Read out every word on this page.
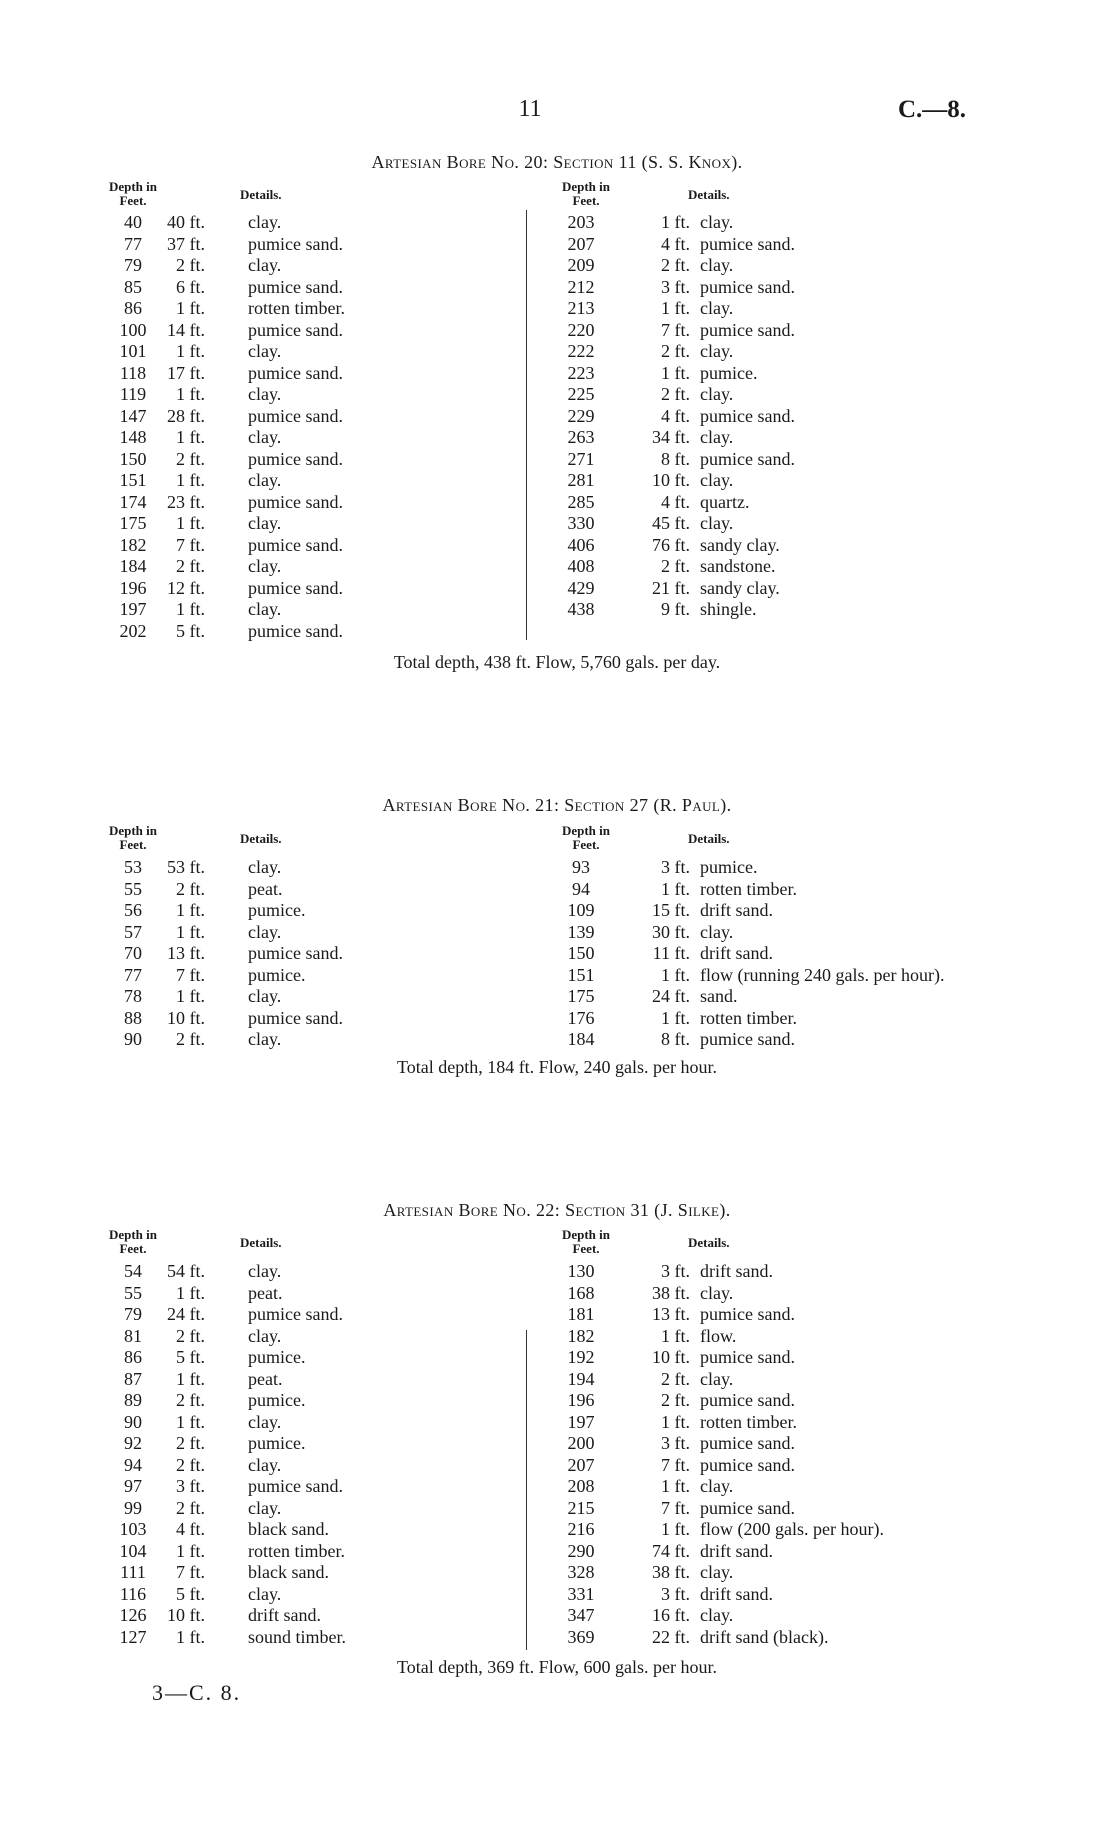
11	C.—8.
Artesian Bore No. 20: Section 11 (S. S. Knox).
Depth in Feet.	Details.
40	40 ft. clay.
77	37 ft. pumice sand.
79	2 ft. clay.
85	6 ft. pumice sand.
86	1 ft. rotten timber.
100	14 ft. pumice sand.
101	1 ft. clay.
118	17 ft. pumice sand.
119	1 ft. clay.
147	28 ft. pumice sand.
148	1 ft. clay.
150	2 ft. pumice sand.
151	1 ft. clay.
174	23 ft. pumice sand.
175	1 ft. clay.
182	7 ft. pumice sand.
184	2 ft. clay.
196	12 ft. pumice sand.
197	1 ft. clay.
202	5 ft. pumice sand.
Depth in Feet.	Details.
203	1 ft. clay.
207	4 ft. pumice sand.
209	2 ft. clay.
212	3 ft. pumice sand.
213	1 ft. clay.
220	7 ft. pumice sand.
222	2 ft. clay.
223	1 ft. pumice.
225	2 ft. clay.
229	4 ft. pumice sand.
263	34 ft. clay.
271	8 ft. pumice sand.
281	10 ft. clay.
285	4 ft. quartz.
330	45 ft. clay.
406	76 ft. sandy clay.
408	2 ft. sandstone.
429	21 ft. sandy clay.
438	9 ft. shingle.
Total depth, 438 ft. Flow, 5,760 gals. per day.
Artesian Bore No. 21: Section 27 (R. Paul).
Depth in Feet.	Details.
53	53 ft. clay.
55	2 ft. peat.
56	1 ft. pumice.
57	1 ft. clay.
70	13 ft. pumice sand.
77	7 ft. pumice.
78	1 ft. clay.
88	10 ft. pumice sand.
90	2 ft. clay.
Depth in Feet.	Details.
93	3 ft. pumice.
94	1 ft. rotten timber.
109	15 ft. drift sand.
139	30 ft. clay.
150	11 ft. drift sand.
151	1 ft. flow (running 240 gals. per hour).
175	24 ft. sand.
176	1 ft. rotten timber.
184	8 ft. pumice sand.
Total depth, 184 ft. Flow, 240 gals. per hour.
Artesian Bore No. 22: Section 31 (J. Silke).
Depth in Feet.	Details.
54	54 ft. clay.
55	1 ft. peat.
79	24 ft. pumice sand.
81	2 ft. clay.
86	5 ft. pumice.
87	1 ft. peat.
89	2 ft. pumice.
90	1 ft. clay.
92	2 ft. pumice.
94	2 ft. clay.
97	3 ft. pumice sand.
99	2 ft. clay.
103	4 ft. black sand.
104	1 ft. rotten timber.
111	7 ft. black sand.
116	5 ft. clay.
126	10 ft. drift sand.
127	1 ft. sound timber.
Depth in Feet.	Details.
130	3 ft. drift sand.
168	38 ft. clay.
181	13 ft. pumice sand.
182	1 ft. flow.
192	10 ft. pumice sand.
194	2 ft. clay.
196	2 ft. pumice sand.
197	1 ft. rotten timber.
200	3 ft. pumice sand.
207	7 ft. pumice sand.
208	1 ft. clay.
215	7 ft. pumice sand.
216	1 ft. flow (200 gals. per hour).
290	74 ft. drift sand.
328	38 ft. clay.
331	3 ft. drift sand.
347	16 ft. clay.
369	22 ft. drift sand (black).
Total depth, 369 ft. Flow, 600 gals. per hour.
3—C. 8.
